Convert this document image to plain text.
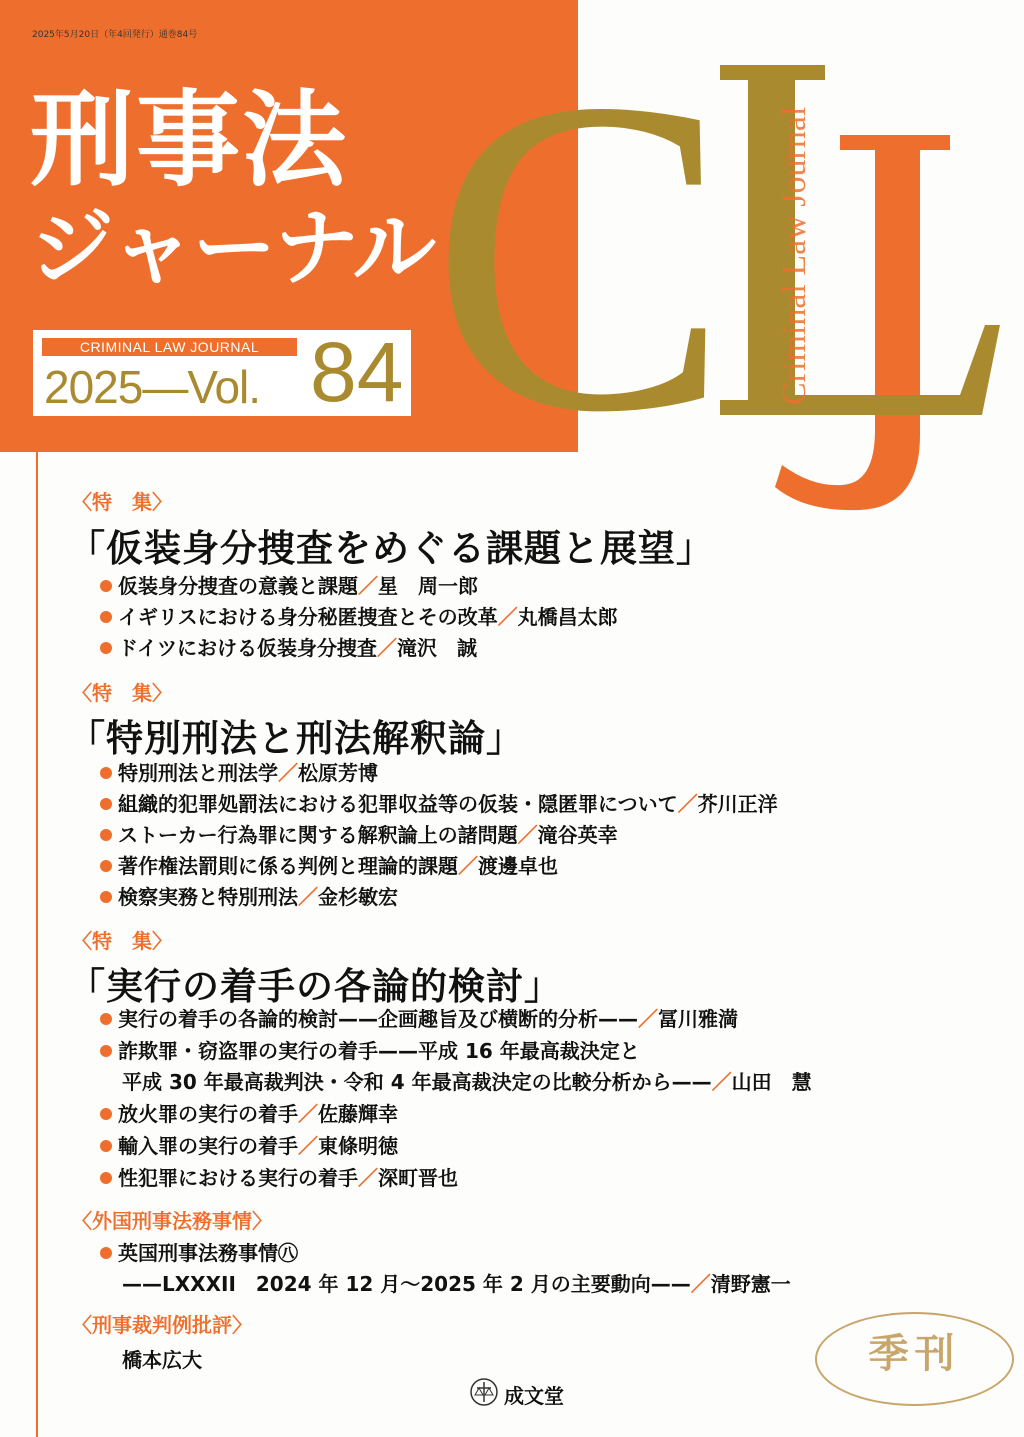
2025年5月20日（年4回発行）通巻84号
刑事法
ジャーナル
CRIMINAL LAW JOURNAL
2025—Vol. 84 C Criminal Law Journal
〈特　集〉
「仮装身分捜査をめぐる課題と展望」
仮装身分捜査の意義と課題／星　周一郎
イギリスにおける身分秘匿捜査とその改革／丸橋昌太郎
ドイツにおける仮装身分捜査／滝沢　誠
〈特　集〉
「特別刑法と刑法解釈論」
特別刑法と刑法学／松原芳博
組織的犯罪処罰法における犯罪収益等の仮装・隠匿罪について／芥川正洋
ストーカー行為罪に関する解釈論上の諸問題／滝谷英幸
著作権法罰則に係る判例と理論的課題／渡邊卓也
検察実務と特別刑法／金杉敏宏
〈特　集〉
「実行の着手の各論的検討」
実行の着手の各論的検討——企画趣旨及び横断的分析——／冨川雅満
詐欺罪・窃盗罪の実行の着手——平成 16 年最高裁決定と
平成 30 年最高裁判決・令和 4 年最高裁決定の比較分析から——／山田　慧
放火罪の実行の着手／佐藤輝幸
輸入罪の実行の着手／東條明徳
性犯罪における実行の着手／深町晋也
〈外国刑事法務事情〉
英国刑事法務事情㊇
——LXXXII　2024 年 12 月〜2025 年 2 月の主要動向——／清野憲一
〈刑事裁判例批評〉
橋本広大	季刊
成文堂
